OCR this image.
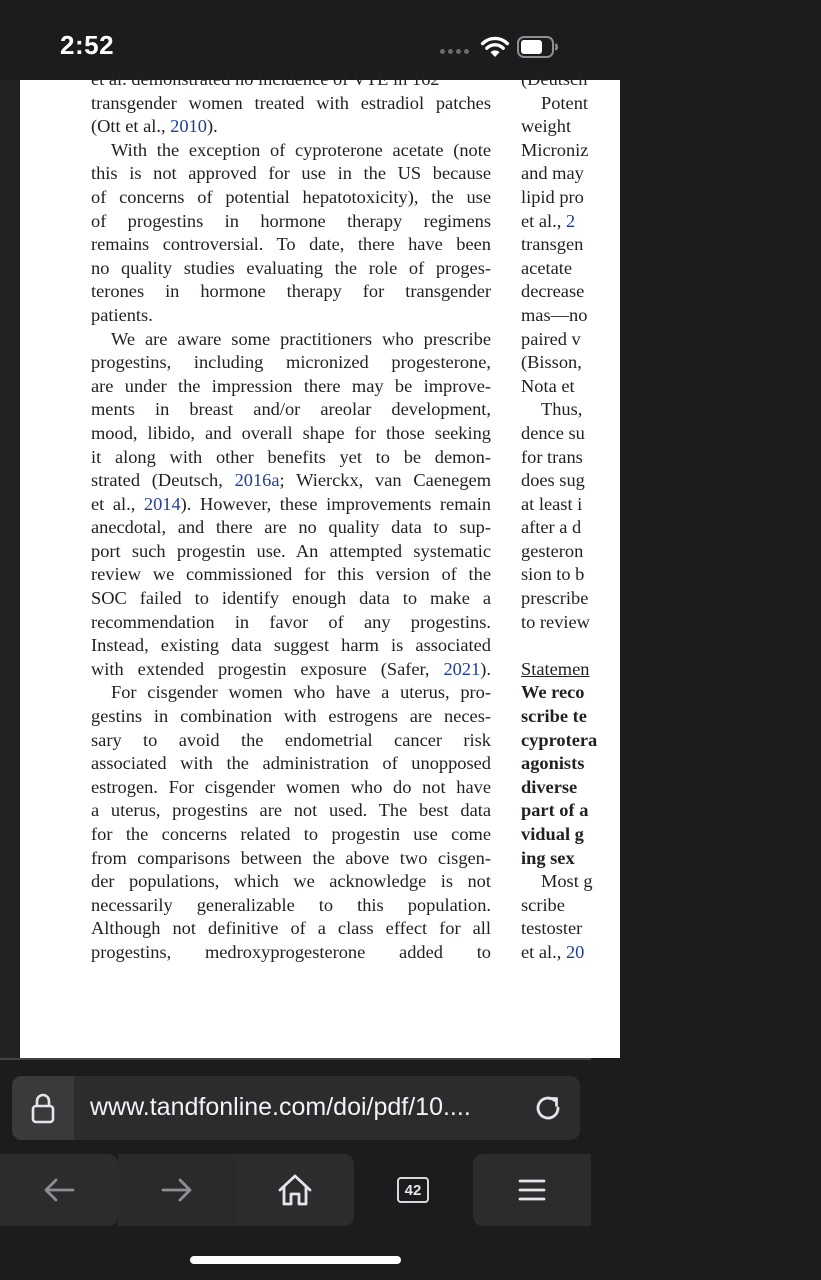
2:52
et al. demonstrated no incidence of VTE in 162
transgender women treated with estradiol patches
(Ott et al., 2010).
With the exception of cyproterone acetate (note
this is not approved for use in the US because
of concerns of potential hepatotoxicity), the use
of progestins in hormone therapy regimens
remains controversial. To date, there have been
no quality studies evaluating the role of proges-
terones in hormone therapy for transgender
patients.
We are aware some practitioners who prescribe
progestins, including micronized progesterone,
are under the impression there may be improve-
ments in breast and/or areolar development,
mood, libido, and overall shape for those seeking
it along with other benefits yet to be demon-
strated (Deutsch, 2016a; Wierckx, van Caenegem
et al., 2014). However, these improvements remain
anecdotal, and there are no quality data to sup-
port such progestin use. An attempted systematic
review we commissioned for this version of the
SOC failed to identify enough data to make a
recommendation in favor of any progestins.
Instead, existing data suggest harm is associated
with extended progestin exposure (Safer, 2021).
For cisgender women who have a uterus, pro-
gestins in combination with estrogens are neces-
sary to avoid the endometrial cancer risk
associated with the administration of unopposed
estrogen. For cisgender women who do not have
a uterus, progestins are not used. The best data
for the concerns related to progestin use come
from comparisons between the above two cisgen-
der populations, which we acknowledge is not
necessarily generalizable to this population.
Although not definitive of a class effect for all
progestins, medroxyprogesterone added to
(Deutsch
Potent
weight
Microniz
and may
lipid pro
et al., 2
transgen
acetate
decrease
mas—no
paired v
(Bisson,
Nota et
Thus,
dence su
for trans
does sug
at least i
after a d
gesteron
sion to b
prescribe
to review
Statemen
We reco
scribe te
cyprotera
agonists
diverse
part of a
vidual g
ing sex
Most g
scribe
testoster
et al., 20
www.tandfonline.com/doi/pdf/10....
42
